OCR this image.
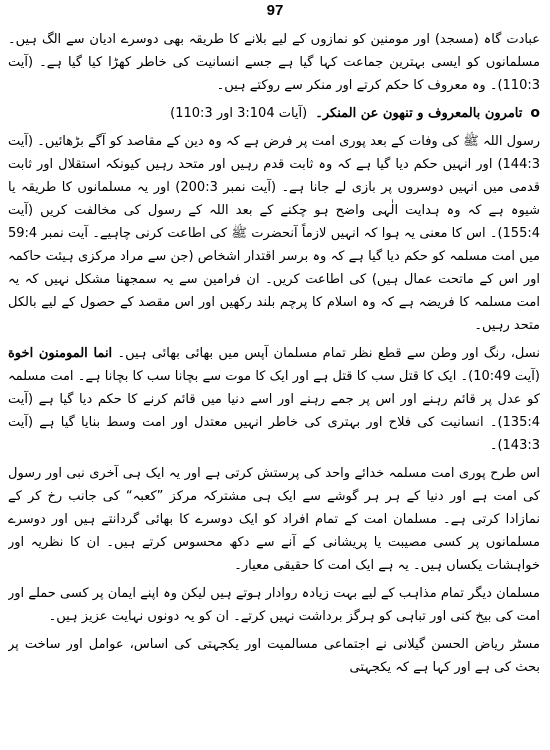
97

عبادت گاہ (مسجد) اور مومنین کو نمازوں کے لیے بلانے کا طریقہ بھی دوسرے ادیان سے الگ ہیں۔ مسلمانوں کو ایسی بہترین جماعت کہا گیا ہے جسے انسانیت کی خاطر کھڑا کیا گیا ہے۔ (آیت 110:3)۔ وہ معروف کا حکم کرتے اور منکر سے روکتے ہیں۔

o
تامرون بالمعروف و تنھون عن المنکر۔
(آیات 3:104 اور 110:3)

رسول اللہ ﷺ کی وفات کے بعد پوری امت پر فرض ہے کہ وہ دین کے مقاصد کو آگے بڑھائیں۔ (آیت 144:3) اور انہیں حکم دیا گیا ہے کہ وہ ثابت قدم رہیں اور متحد رہیں کیونکہ استقلال اور ثابت قدمی میں انہیں دوسروں پر بازی لے جانا ہے۔ (آیت نمبر 200:3) اور یہ مسلمانوں کا طریقہ یا شیوہ ہے کہ وہ ہدایت الٰہی واضح ہو چکنے کے بعد اللہ کے رسول کی مخالفت کریں (آیت 155:4)۔ اس کا معنی یہ ہوا کہ انہیں لازماً آنحضرت ﷺ کی اطاعت کرنی چاہیے۔ آیت نمبر 59:4 میں امت مسلمہ کو حکم دیا گیا ہے کہ وہ برسر اقتدار اشخاص (جن سے مراد مرکزی ہیئت حاکمہ اور اس کے ماتحت عمال ہیں) کی اطاعت کریں۔ ان فرامین سے یہ سمجھنا مشکل نہیں کہ یہ امت مسلمہ کا فریضہ ہے کہ وہ اسلام کا پرچم بلند رکھیں اور اس مقصد کے حصول کے لیے بالکل متحد رہیں۔

نسل، رنگ اور وطن سے قطع نظر تمام مسلمان آپس میں بھائی بھائی ہیں۔ انما المومنون اخوة (آیت 10:49)۔ ایک کا قتل سب کا قتل ہے اور ایک کا موت سے بچانا سب کا بچانا ہے۔ امت مسلمہ کو عدل پر قائم رہنے اور اس پر جمے رہنے اور اسے دنیا میں قائم کرنے کا حکم دیا گیا ہے (آیت 135:4)۔ انسانیت کی فلاح اور بہتری کی خاطر انہیں معتدل اور امت وسط بنایا گیا ہے (آیت 143:3)۔

اس طرح پوری امت مسلمہ خدائے واحد کی پرستش کرتی ہے اور یہ ایک ہی آخری نبی اور رسول کی امت ہے اور دنیا کے ہر ہر گوشے سے ایک ہی مشترکہ مرکز ”کعبہ“ کی جانب رخ کر کے نمازادا کرتی ہے۔ مسلمان امت کے تمام افراد کو ایک دوسرے کا بھائی گردانتے ہیں اور دوسرے مسلمانوں پر کسی مصیبت یا پریشانی کے آنے سے دکھ محسوس کرتے ہیں۔ ان کا نظریہ اور خواہشات یکساں ہیں۔ یہ ہے ایک امت کا حقیقی معیار۔

مسلمان دیگر تمام مذاہب کے لیے بہت زیادہ روادار ہوتے ہیں لیکن وہ اپنے ایمان پر کسی حملے اور امت کی بیخ کنی اور تباہی کو ہرگز برداشت نہیں کرتے۔ ان کو یہ دونوں نہایت عزیز ہیں۔

مسٹر ریاض الحسن گیلانی نے اجتماعی مسالمیت اور یکجہتی کی اساس، عوامل اور ساخت پر بحث کی ہے اور کہا ہے کہ یکجہتی
